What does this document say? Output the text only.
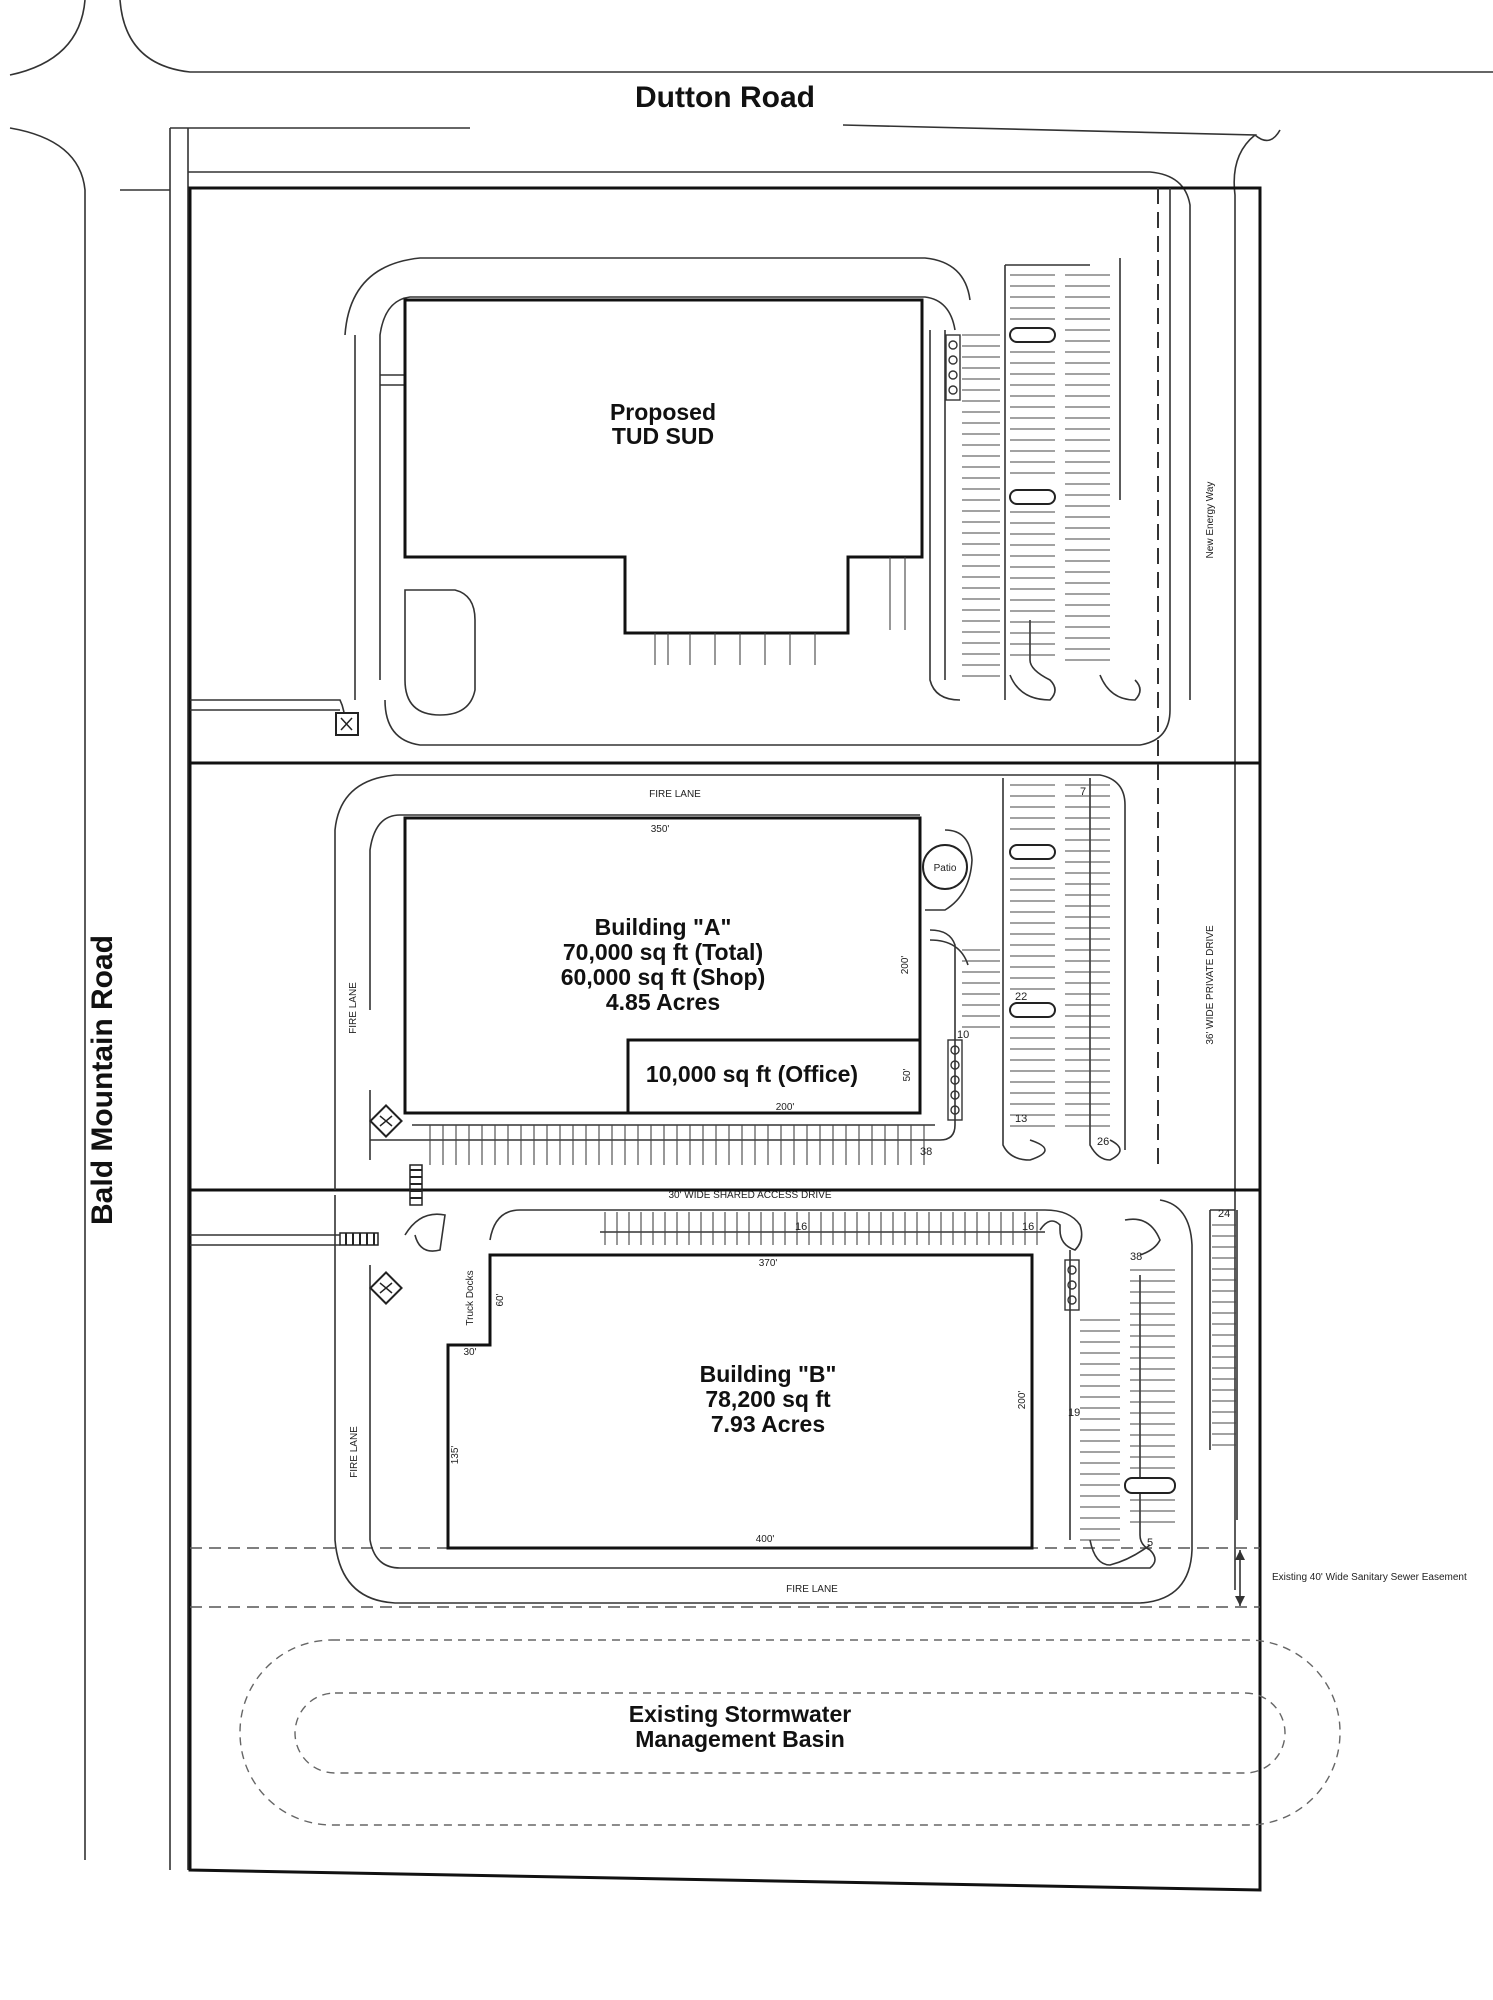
Proposed
TUD SUD
Patio
Building "A"
70,000 sq ft (Total)
60,000 sq ft (Shop)
4.85 Acres
10,000 sq ft (Office)
350'
200'
200'
50'
FIRE LANE
FIRE LANE
10
22
7
26
13
38
Building "B"
78,200 sq ft
7.93 Acres
370'
200'
400'
135'
60'
30'
Truck Docks
FIRE LANE
FIRE LANE
30' WIDE SHARED ACCESS DRIVE
16	16
24
38
19
5
Existing Stormwater
Management Basin
Dutton Road
Bald Mountain Road
New Energy Way
36' WIDE PRIVATE DRIVE
Existing 40' Wide Sanitary Sewer Easement
